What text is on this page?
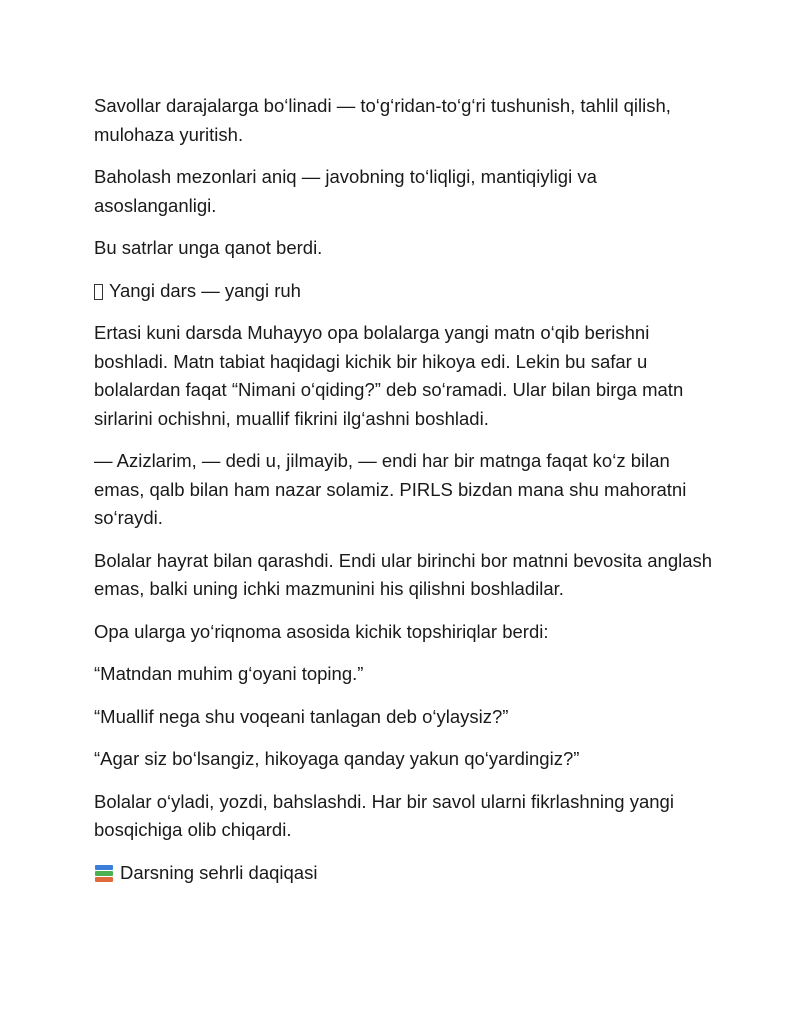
Savollar darajalarga bo‘linadi — to‘g‘ridan-to‘g‘ri tushunish, tahlil qilish, mulohaza yuritish.

Baholash mezonlari aniq — javobning to‘liqligi, mantiqiyligi va asoslanganligi.

Bu satrlar unga qanot berdi.

Yangi dars — yangi ruh

Ertasi kuni darsda Muhayyo opa bolalarga yangi matn o‘qib berishni boshladi. Matn tabiat haqidagi kichik bir hikoya edi. Lekin bu safar u bolalardan faqat “Nimani o‘qiding?” deb so‘ramadi. Ular bilan birga matn sirlarini ochishni, muallif fikrini ilg‘ashni boshladi.

— Azizlarim, — dedi u, jilmayib, — endi har bir matnga faqat ko‘z bilan emas, qalb bilan ham nazar solamiz. PIRLS bizdan mana shu mahoratni so‘raydi.

Bolalar hayrat bilan qarashdi. Endi ular birinchi bor matnni bevosita anglash emas, balki uning ichki mazmunini his qilishni boshladilar.

Opa ularga yo‘riqnoma asosida kichik topshiriqlar berdi:

“Matndan muhim g‘oyani toping.”

“Muallif nega shu voqeani tanlagan deb o‘ylaysiz?”

“Agar siz bo‘lsangiz, hikoyaga qanday yakun qo‘yardingiz?”

Bolalar o‘yladi, yozdi, bahslashdi. Har bir savol ularni fikrlashning yangi bosqichiga olib chiqardi.

Darsning sehrli daqiqasi
